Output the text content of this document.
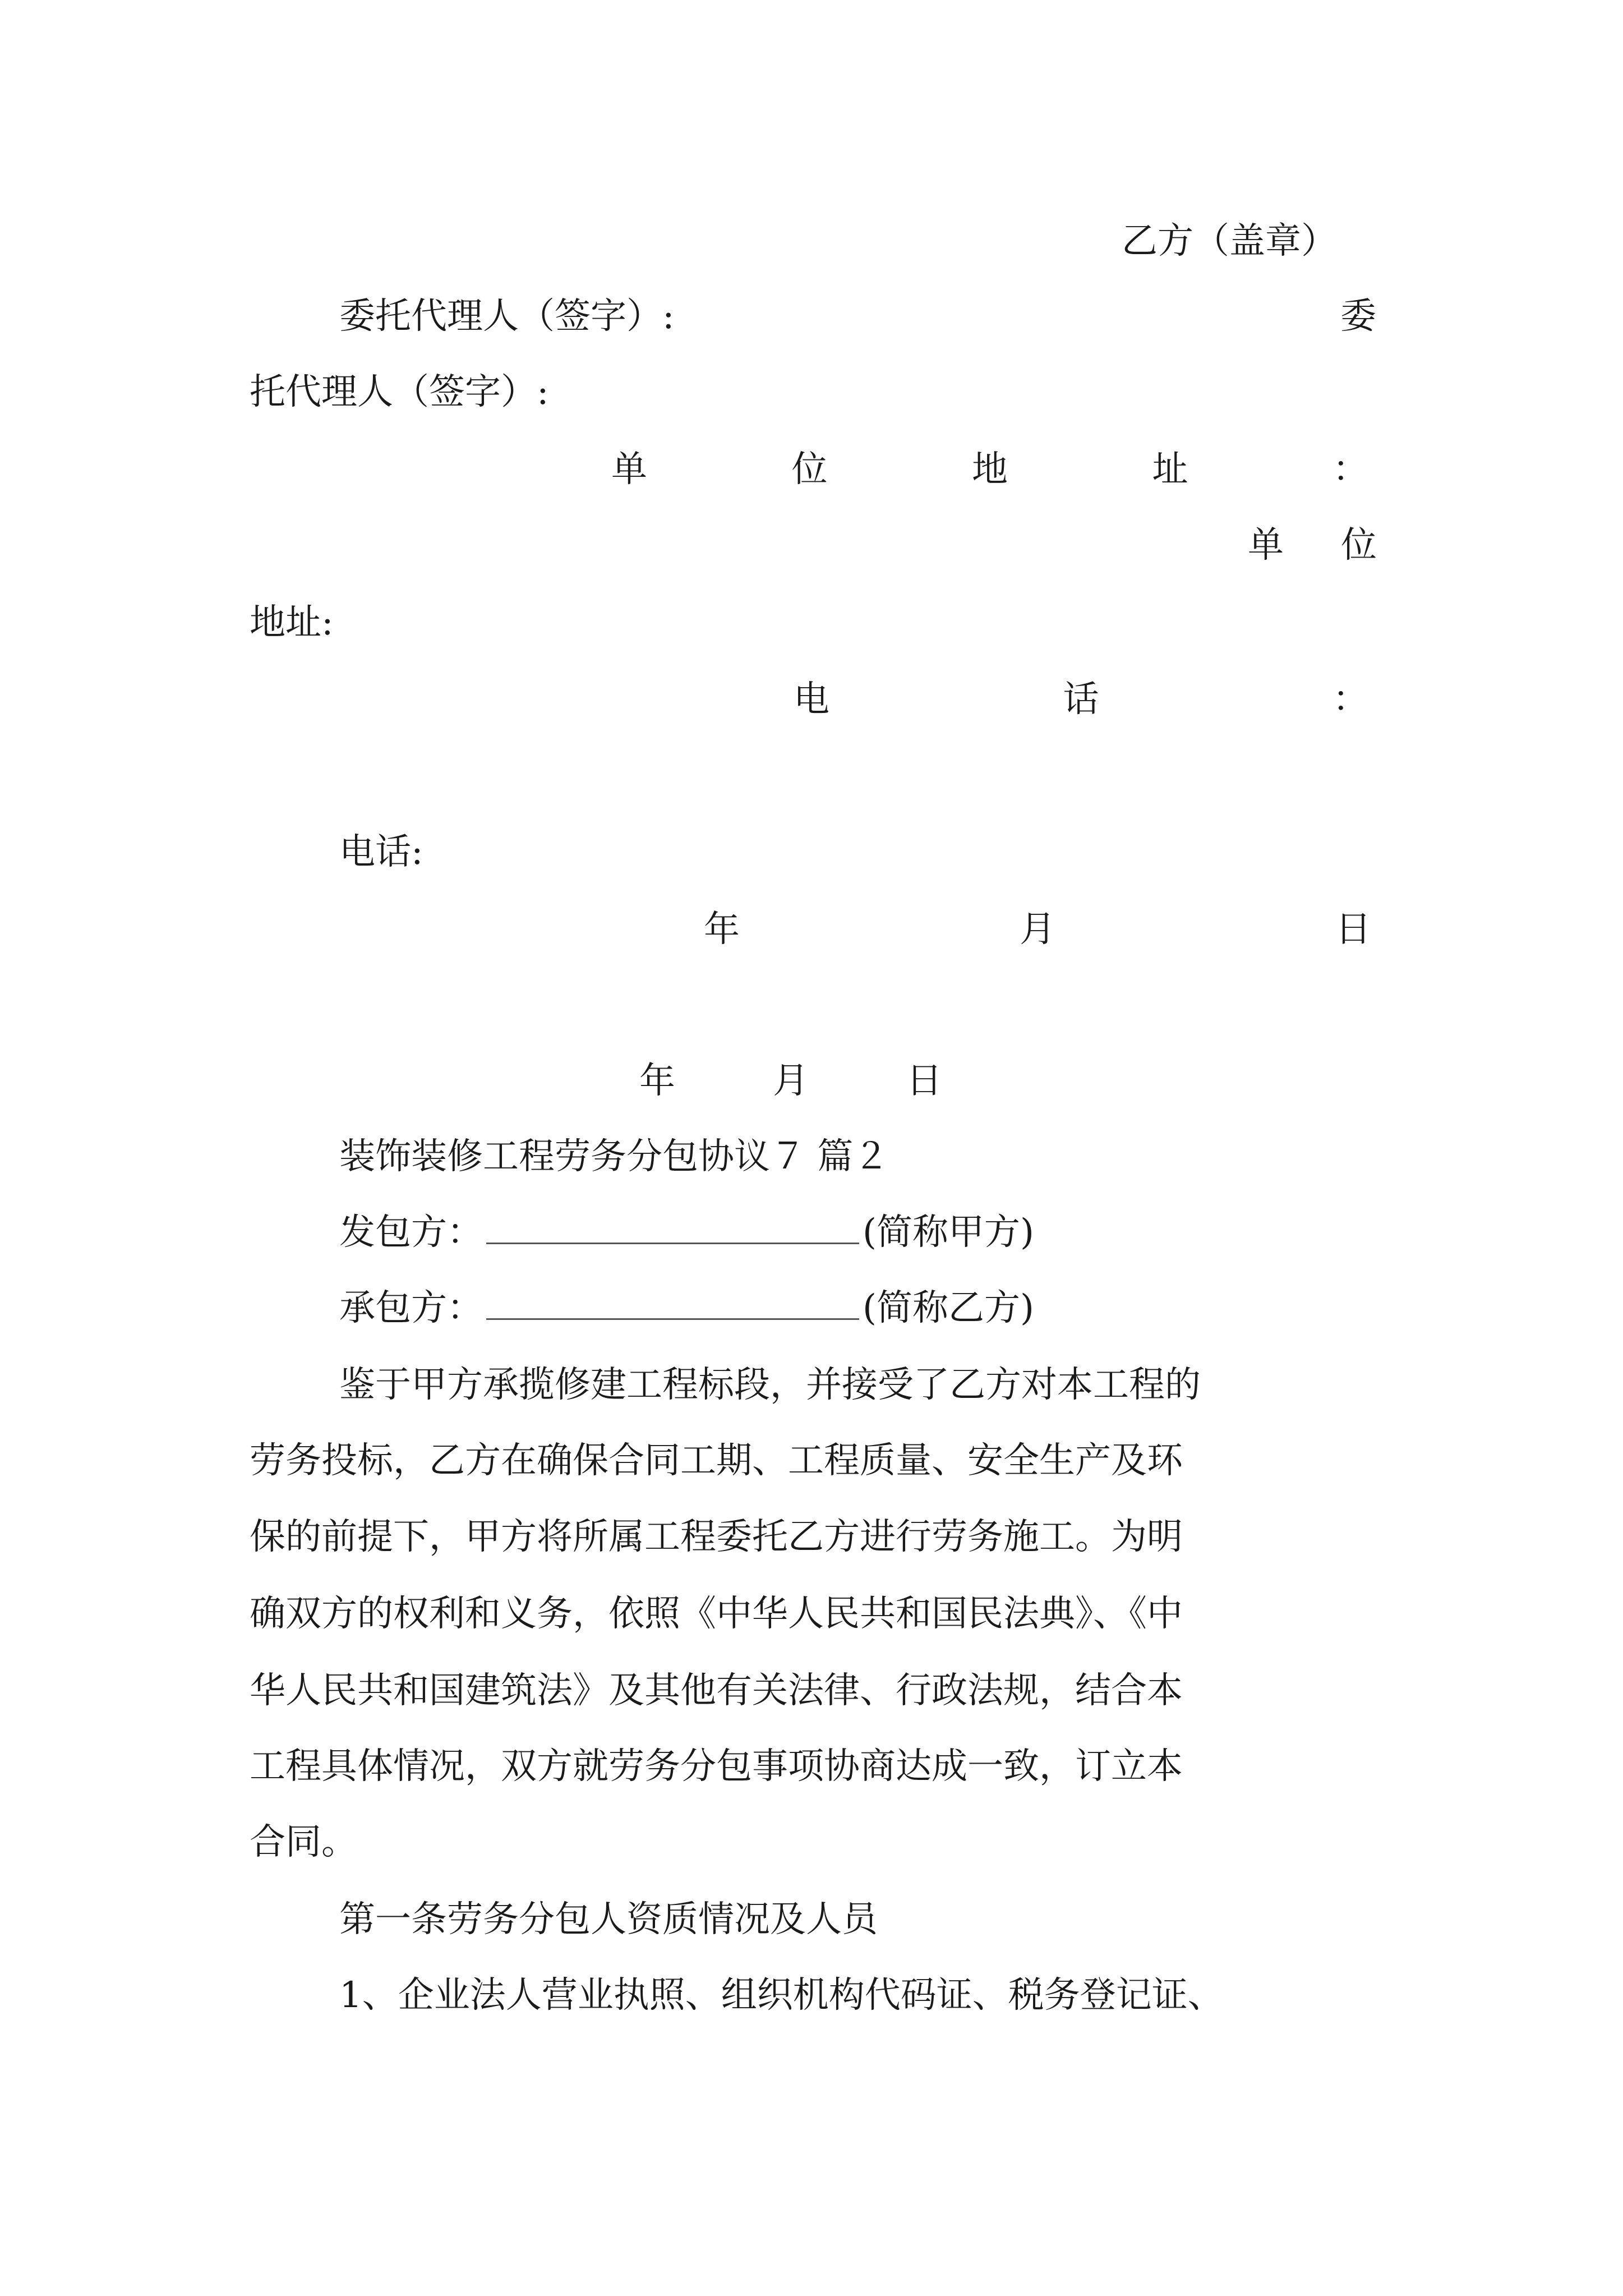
乙方（盖章）
委托代理人（签字）:	委
托代理人（签字）:
单	位	地	址	：
单 位
地址:
电	话	：
电话:
年	月	日
年	月	日
装饰装修工程劳务分包协议７ 篇２
发包方：	(简称甲方)
承包方：	(简称乙方)
鉴于甲方承揽修建工程标段，并接受了乙方对本工程的
劳务投标，乙方在确保合同工期、工程质量、安全生产及环
保的前提下，甲方将所属工程委托乙方进行劳务施工。为明
确双方的权利和义务，依照《中华人民共和国民法典》、《中
华人民共和国建筑法》及其他有关法律、行政法规，结合本
工程具体情况，双方就劳务分包事项协商达成一致，订立本
合同。
第一条劳务分包人资质情况及人员
1、企业法人营业执照、组织机构代码证、税务登记证、
